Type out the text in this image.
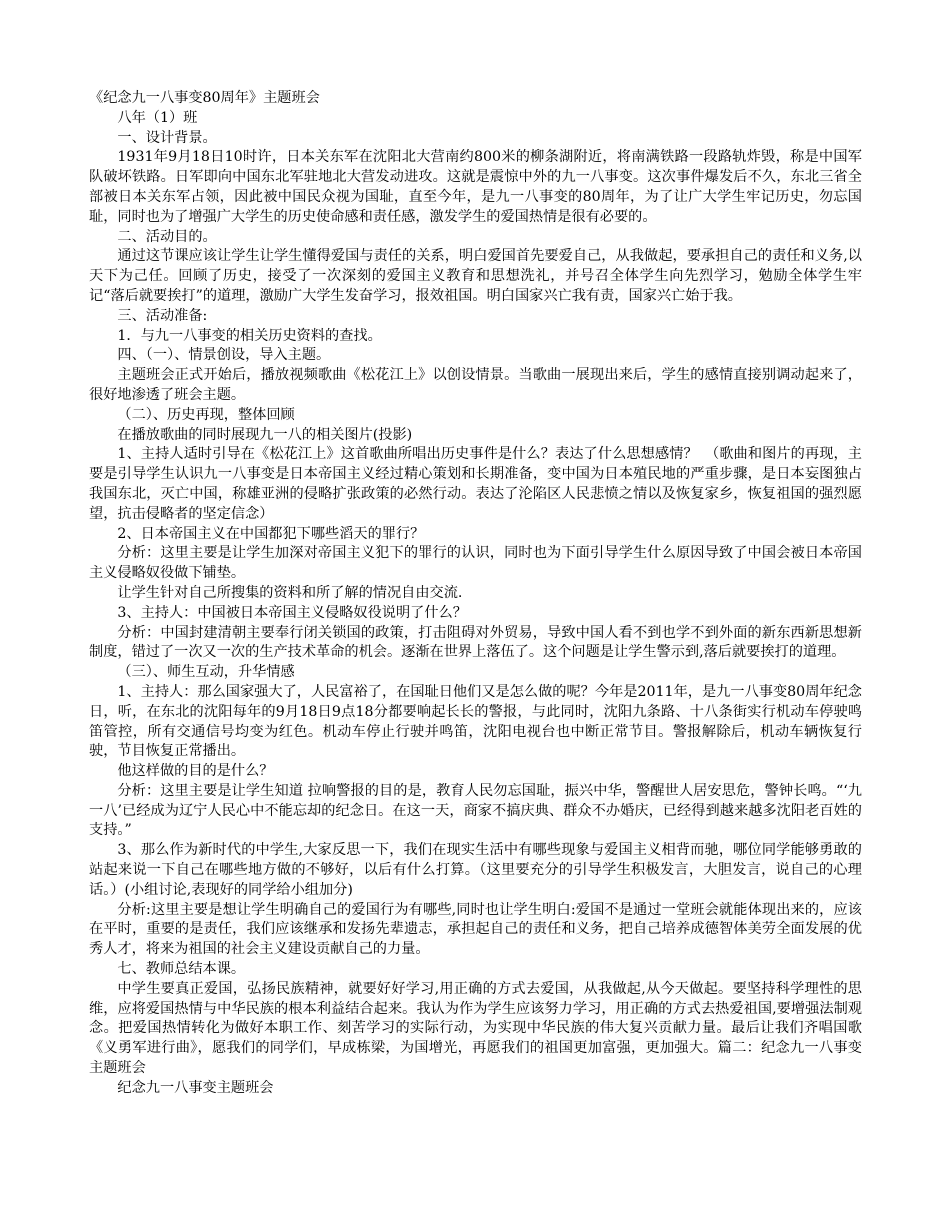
《纪念九一八事变80周年》主题班会

八年（1）班

一、设计背景。

1931年9月18日10时许，日本关东军在沈阳北大营南约800米的柳条湖附近，将南满铁路一段路轨炸毁，称是中国军队破坏铁路。日军即向中国东北军驻地北大营发动进攻。这就是震惊中外的九一八事变。这次事件爆发后不久，东北三省全部被日本关东军占领，因此被中国民众视为国耻，直至今年，是九一八事变的80周年，为了让广大学生牢记历史，勿忘国耻，同时也为了增强广大学生的历史使命感和责任感，激发学生的爱国热情是很有必要的。

二、活动目的。

通过这节课应该让学生让学生懂得爱国与责任的关系，明白爱国首先要爱自己，从我做起，要承担自己的责任和义务,以天下为己任。回顾了历史，接受了一次深刻的爱国主义教育和思想洗礼，并号召全体学生向先烈学习，勉励全体学生牢记“落后就要挨打”的道理，激励广大学生发奋学习，报效祖国。明白国家兴亡我有责，国家兴亡始于我。

三、活动准备:

1．与九一八事变的相关历史资料的查找。

四、（一）、情景创设，导入主题。

主题班会正式开始后，播放视频歌曲《松花江上》以创设情景。当歌曲一展现出来后，学生的感情直接别调动起来了，很好地渗透了班会主题。

（二）、历史再现，整体回顾

在播放歌曲的同时展现九一八的相关图片(投影)

1、主持人适时引导在《松花江上》这首歌曲所唱出历史事件是什么？表达了什么思想感情？　（歌曲和图片的再现，主要是引导学生认识九一八事变是日本帝国主义经过精心策划和长期准备，变中国为日本殖民地的严重步骤，是日本妄图独占我国东北，灭亡中国，称雄亚洲的侵略扩张政策的必然行动。表达了沦陷区人民悲愤之情以及恢复家乡，恢复祖国的强烈愿望，抗击侵略者的坚定信念）

2、日本帝国主义在中国都犯下哪些滔天的罪行？

分析：这里主要是让学生加深对帝国主义犯下的罪行的认识，同时也为下面引导学生什么原因导致了中国会被日本帝国主义侵略奴役做下铺垫。

让学生针对自己所搜集的资料和所了解的情况自由交流.

3、主持人：中国被日本帝国主义侵略奴役说明了什么？

分析：中国封建清朝主要奉行闭关锁国的政策，打击阻碍对外贸易，导致中国人看不到也学不到外面的新东西新思想新制度，错过了一次又一次的生产技术革命的机会。逐渐在世界上落伍了。这个问题是让学生警示到,落后就要挨打的道理。

（三）、师生互动，升华情感

1、主持人：那么国家强大了，人民富裕了，在国耻日他们又是怎么做的呢？今年是2011年，是九一八事变80周年纪念日，听，在东北的沈阳每年的9月18日9点18分都要响起长长的警报，与此同时，沈阳九条路、十八条街实行机动车停驶鸣笛管控，所有交通信号均变为红色。机动车停止行驶并鸣笛，沈阳电视台也中断正常节目。警报解除后，机动车辆恢复行驶，节目恢复正常播出。

他这样做的目的是什么？

分析：这里主要是让学生知道 拉响警报的目的是，教育人民勿忘国耻，振兴中华，警醒世人居安思危，警钟长鸣。“‘九一八’已经成为辽宁人民心中不能忘却的纪念日。在这一天，商家不搞庆典、群众不办婚庆，已经得到越来越多沈阳老百姓的支持。”

3、那么作为新时代的中学生,大家反思一下，我们在现实生活中有哪些现象与爱国主义相背而驰，哪位同学能够勇敢的站起来说一下自己在哪些地方做的不够好，以后有什么打算。（这里要充分的引导学生积极发言，大胆发言，说自己的心理话。）(小组讨论,表现好的同学给小组加分)

分析:这里主要是想让学生明确自己的爱国行为有哪些,同时也让学生明白:爱国不是通过一堂班会就能体现出来的，应该在平时，重要的是责任，我们应该继承和发扬先辈遗志，承担起自己的责任和义务，把自己培养成德智体美劳全面发展的优秀人才，将来为祖国的社会主义建设贡献自己的力量。

七、教师总结本课。

中学生要真正爱国，弘扬民族精神，就要好好学习,用正确的方式去爱国，从我做起,从今天做起。要坚持科学理性的思维，应将爱国热情与中华民族的根本利益结合起来。我认为作为学生应该努力学习，用正确的方式去热爱祖国,要增强法制观念。把爱国热情转化为做好本职工作、刻苦学习的实际行动，为实现中华民族的伟大复兴贡献力量。最后让我们齐唱国歌《义勇军进行曲》，愿我们的同学们，早成栋梁，为国增光，再愿我们的祖国更加富强，更加强大。篇二：纪念九一八事变主题班会

纪念九一八事变主题班会
